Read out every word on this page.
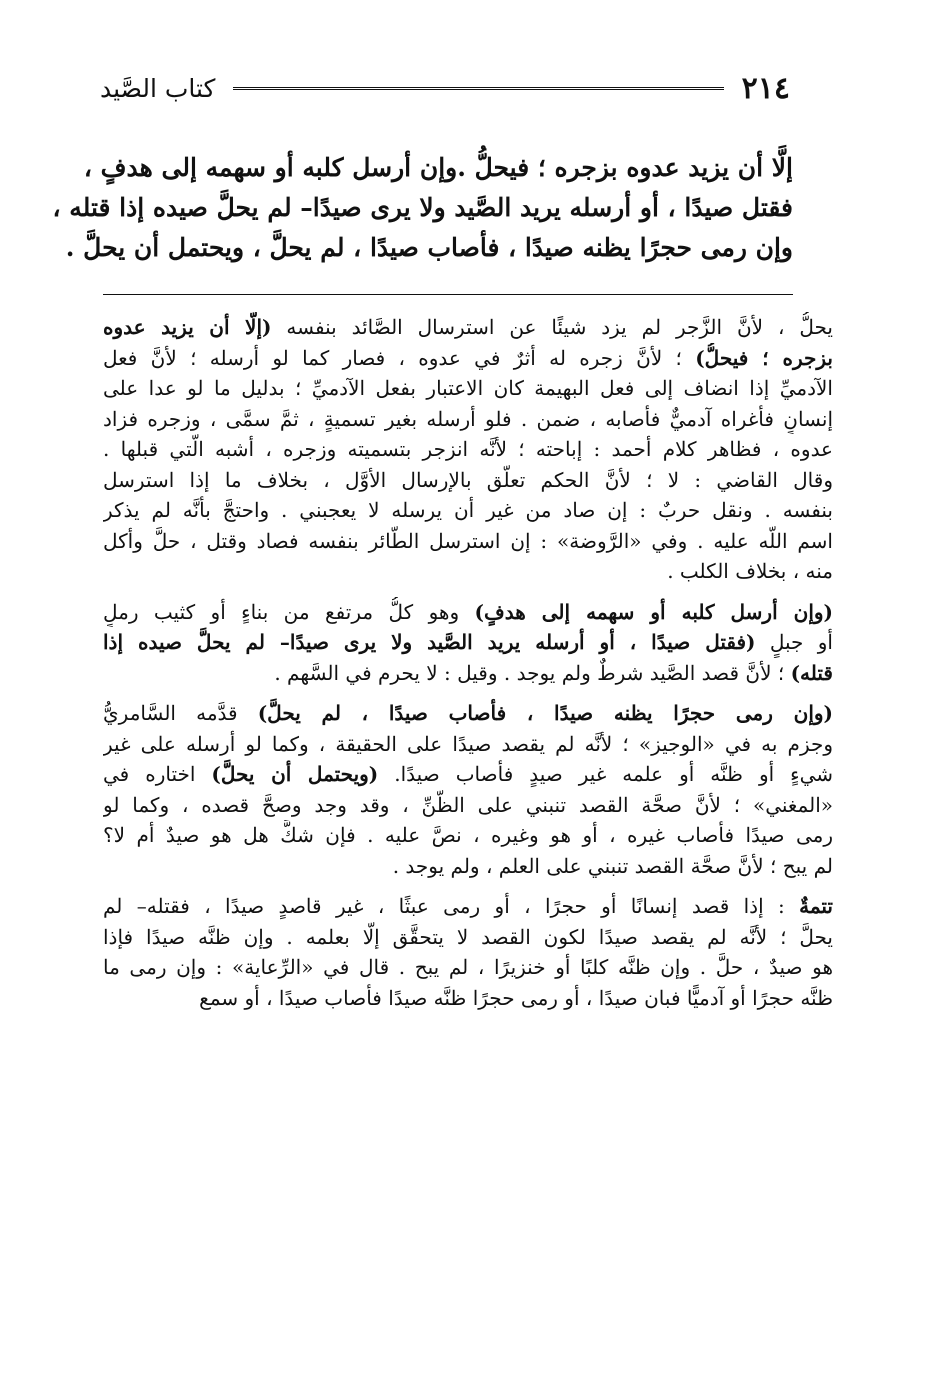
٢١٤
كتاب الصَّيد
إلَّا أن يزيد عدوه بزجره ؛ فيحلُّ .وإن أرسل كلبه أو سهمه إلى هدفٍ ،
فقتل صيدًا ، أو أرسله يريد الصَّيد ولا يرى صيدًا– لم يحلَّ صيده إذا قتله ،
وإن رمى حجرًا يظنه صيدًا ، فأصاب صيدًا ، لم يحلَّ ، ويحتمل أن يحلَّ .
يحلُّ ، لأنَّ الزَّجر لم يزد شيئًا عن استرسال الصَّائد بنفسه (إلَّا أن يزيد عدوه
بزجره ؛ فيحلُّ) ؛ لأنَّ زجره له أثرٌ في عدوه ، فصار كما لو أرسله ؛ لأنَّ فعل
الآدميِّ إذا انضاف إلى فعل البهيمة كان الاعتبار بفعل الآدميِّ ؛ بدليل ما لو عدا على
إنسانٍ فأغراه آدميٌّ فأصابه ، ضمن . فلو أرسله بغير تسميةٍ ، ثمَّ سمَّى ، وزجره فزاد
عدوه ، فظاهر كلام أحمد : إباحته ؛ لأنَّه انزجر بتسميته وزجره ، أشبه الَّتي قبلها .
وقال القاضي : لا ؛ لأنَّ الحكم تعلَّق بالإرسال الأوَّل ، بخلاف ما إذا استرسل
بنفسه . ونقل حربٌ : إن صاد من غير أن يرسله لا يعجبني . واحتجَّ بأنَّه لم يذكر
اسم اللَّه عليه . وفي «الرَّوضة» : إن استرسل الطَّائر بنفسه فصاد وقتل ، حلَّ وأكل
منه ، بخلاف الكلب .
(وإن أرسل كلبه أو سهمه إلى هدفٍ) وهو كلُّ مرتفع من بناءٍ أو كثيب رملٍ
أو جبلٍ (فقتل صيدًا ، أو أرسله يريد الصَّيد ولا يرى صيدًا– لم يحلَّ صيده إذا
قتله) ؛ لأنَّ قصد الصَّيد شرطٌ ولم يوجد . وقيل : لا يحرم في السَّهم .
(وإن رمى حجرًا يظنه صيدًا ، فأصاب صيدًا ، لم يحلَّ) قدَّمه السَّامريُّ
وجزم به في «الوجيز» ؛ لأنَّه لم يقصد صيدًا على الحقيقة ، وكما لو أرسله على غير
شيءٍ أو ظنَّه أو علمه غير صيدٍ فأصاب صيدًا. (ويحتمل أن يحلَّ) اختاره في
«المغني» ؛ لأنَّ صحَّة القصد تنبني على الظَّنِّ ، وقد وجد وصحَّ قصده ، وكما لو
رمى صيدًا فأصاب غيره ، أو هو وغيره ، نصَّ عليه . فإن شكَّ هل هو صيدٌ أم لا؟
لم يبح ؛ لأنَّ صحَّة القصد تنبني على العلم ، ولم يوجد .
تتمةٌ : إذا قصد إنسانًا أو حجرًا ، أو رمى عبثًا ، غير قاصدٍ صيدًا ، فقتله– لم
يحلَّ ؛ لأنَّه لم يقصد صيدًا لكون القصد لا يتحقَّق إلَّا بعلمه . وإن ظنَّه صيدًا فإذا
هو صيدٌ ، حلَّ . وإن ظنَّه كلبًا أو خنزيرًا ، لم يبح . قال في «الرِّعاية» : وإن رمى ما
ظنَّه حجرًا أو آدميًّا فبان صيدًا ، أو رمى حجرًا ظنَّه صيدًا فأصاب صيدًا ، أو سمع
